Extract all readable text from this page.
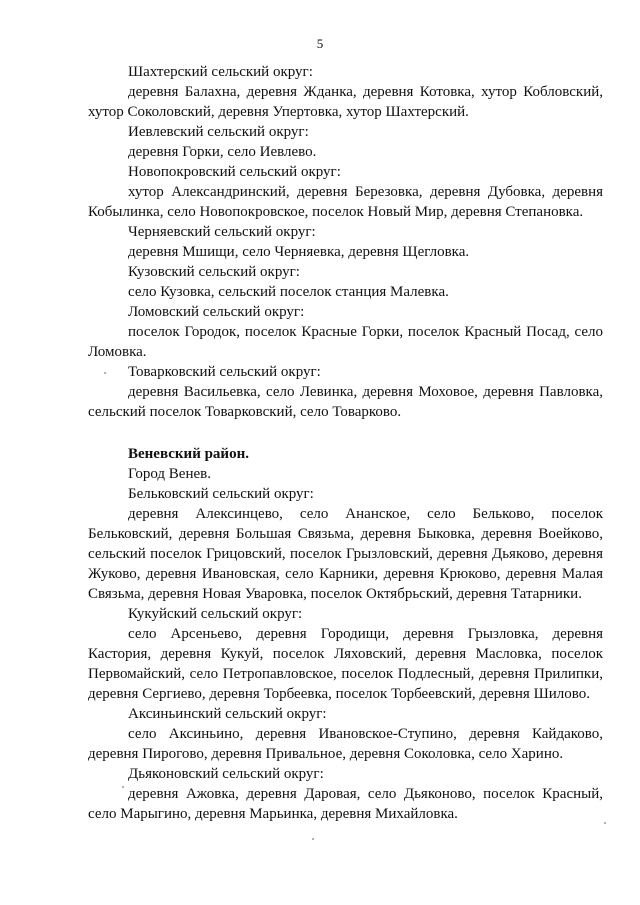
5

Шахтерский сельский округ:

деревня Балахна, деревня Жданка, деревня Котовка, хутор Кобловский, хутор Соколовский, деревня Упертовка, хутор Шахтерский.

Иевлевский сельский округ:

деревня Горки, село Иевлево.

Новопокровский сельский округ:

хутор Александринский, деревня Березовка, деревня Дубовка, деревня Кобылинка, село Новопокровское, поселок Новый Мир, деревня Степановка.

Черняевский сельский округ:

деревня Мшищи, село Черняевка, деревня Щегловка.

Кузовский сельский округ:

село Кузовка, сельский поселок станция Малевка.

Ломовский сельский округ:

поселок Городок, поселок Красные Горки, поселок Красный Посад, село Ломовка.

Товарковский сельский округ:

деревня Васильевка, село Левинка, деревня Моховое, деревня Павловка, сельский поселок Товарковский, село Товарково.

Веневский район.

Город Венев.

Бельковский сельский округ:

деревня Алексинцево, село Ананское, село Бельково, поселок Бельковский, деревня Большая Связьма, деревня Быковка, деревня Воейково, сельский поселок Грицовский, поселок Грызловский, деревня Дьяково, деревня Жуково, деревня Ивановская, село Карники, деревня Крюково, деревня Малая Связьма, деревня Новая Уваровка, поселок Октябрьский, деревня Татарники.

Кукуйский сельский округ:

село Арсеньево, деревня Городищи, деревня Грызловка, деревня Кастория, деревня Кукуй, поселок Ляховский, деревня Масловка, поселок Первомайский, село Петропавловское, поселок Подлесный, деревня Прилипки, деревня Сергиево, деревня Торбеевка, поселок Торбеевский, деревня Шилово.

Аксиньинский сельский округ:

село Аксиньино, деревня Ивановское-Ступино, деревня Кайдаково, деревня Пирогово, деревня Привальное, деревня Соколовка, село Харино.

Дьяконовский сельский округ:

деревня Ажовка, деревня Даровая, село Дьяконово, поселок Красный, село Марыгино, деревня Марьинка, деревня Михайловка.
